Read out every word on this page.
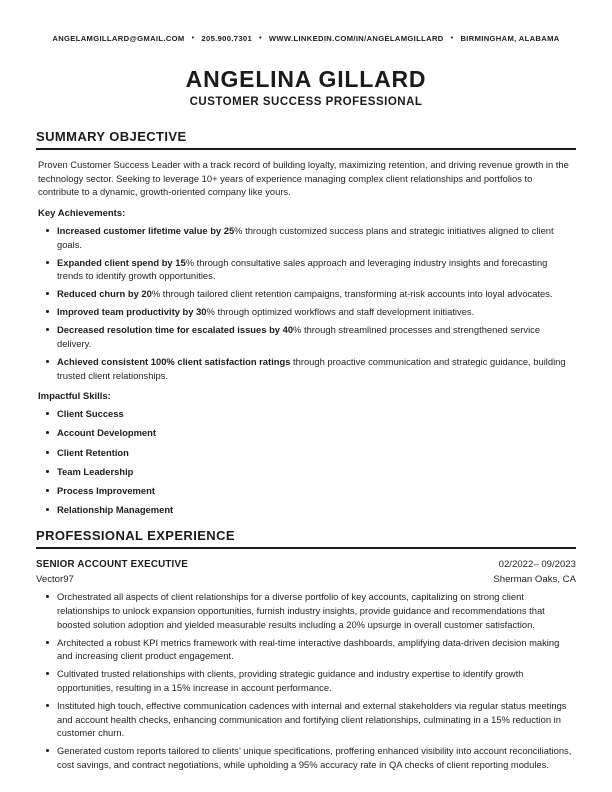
ANGELAMGILLARD@GMAIL.COM • 205.900.7301 • WWW.LINKEDIN.COM/IN/ANGELAMGILLARD • BIRMINGHAM, ALABAMA
ANGELINA GILLARD
CUSTOMER SUCCESS PROFESSIONAL
SUMMARY OBJECTIVE

Proven Customer Success Leader with a track record of building loyalty, maximizing retention, and driving revenue growth in the technology sector. Seeking to leverage 10+ years of experience managing complex client relationships and portfolios to contribute to a dynamic, growth-oriented company like yours.

Key Achievements:

Increased customer lifetime value by 25% through customized success plans and strategic initiatives aligned to client goals.
Expanded client spend by 15% through consultative sales approach and leveraging industry insights and forecasting trends to identify growth opportunities.
Reduced churn by 20% through tailored client retention campaigns, transforming at-risk accounts into loyal advocates.
Improved team productivity by 30% through optimized workflows and staff development initiatives.
Decreased resolution time for escalated issues by 40% through streamlined processes and strengthened service delivery.
Achieved consistent 100% client satisfaction ratings through proactive communication and strategic guidance, building trusted client relationships.

Impactful Skills:

Client Success
Account Development
Client Retention
Team Leadership
Process Improvement
Relationship Management
PROFESSIONAL EXPERIENCE
SENIOR ACCOUNT EXECUTIVE	02/2022– 09/2023
Vector97	Sherman Oaks, CA
Orchestrated all aspects of client relationships for a diverse portfolio of key accounts, capitalizing on strong client relationships to unlock expansion opportunities, furnish industry insights, provide guidance and recommendations that boosted solution adoption and yielded measurable results including a 20% upsurge in overall customer satisfaction.
Architected a robust KPI metrics framework with real-time interactive dashboards, amplifying data-driven decision making and increasing client product engagement.
Cultivated trusted relationships with clients, providing strategic guidance and industry expertise to identify growth opportunities, resulting in a 15% increase in account performance.
Instituted high touch, effective communication cadences with internal and external stakeholders via regular status meetings and account health checks, enhancing communication and fortifying client relationships, culminating in a 15% reduction in customer churn.
Generated custom reports tailored to clients’ unique specifications, proffering enhanced visibility into account reconciliations, cost savings, and contract negotiations, while upholding a 95% accuracy rate in QA checks of client reporting modules.
